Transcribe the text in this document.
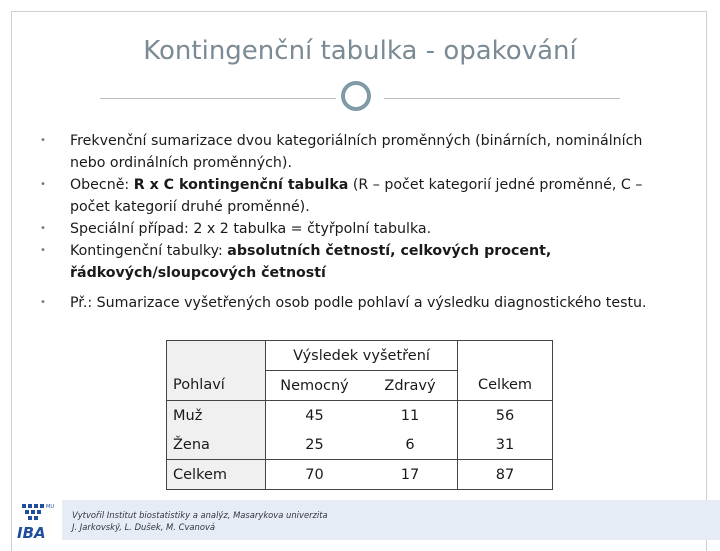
Kontingenční tabulka - opakování
• Frekvenční sumarizace dvou kategoriálních proměnných (binárních, nominálních nebo ordinálních proměnných).
• Obecně: R x C kontingenční tabulka (R – počet kategorií jedné proměnné, C – počet kategorií druhé proměnné).
• Speciální případ: 2 x 2 tabulka = čtyřpolní tabulka.
• Kontingenční tabulky: absolutních četností, celkových procent, řádkových/sloupcových četností
• Př.: Sumarizace vyšetřených osob podle pohlaví a výsledku diagnostického testu.
	Výsledek vyšetření		
Pohlaví	Nemocný	Zdravý	Celkem
Muž	45	11	56
Žena	25	6	31
Celkem	70	17	87
Vytvořil Institut biostatistiky a analýz, Masarykova univerzita
J. Jarkovský, L. Dušek, M. Cvanová
MU
IBA
